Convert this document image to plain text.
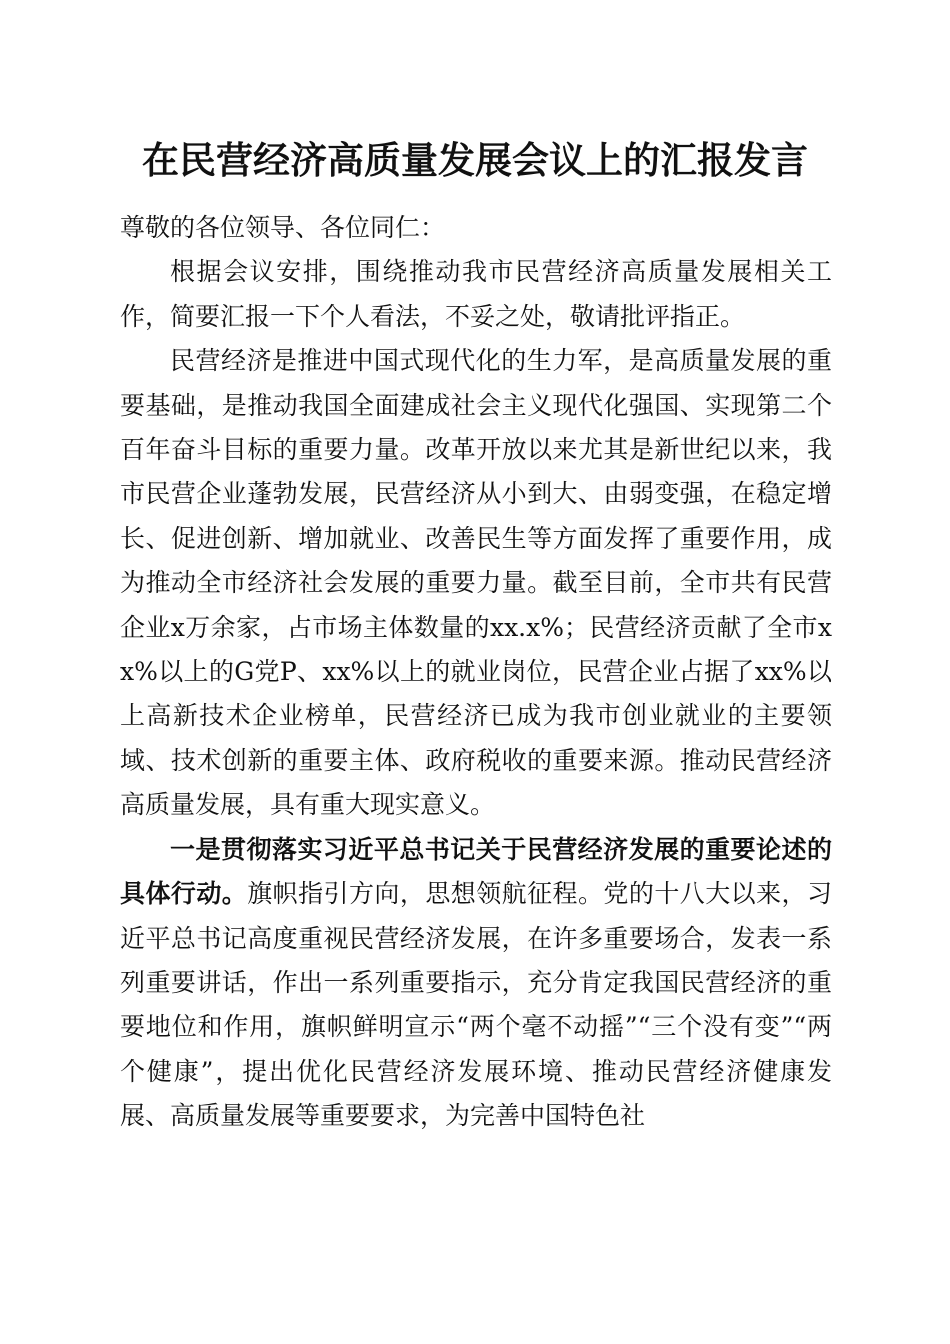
在民营经济高质量发展会议上的汇报发言

尊敬的各位领导、各位同仁：

根据会议安排，围绕推动我市民营经济高质量发展相关工作，简要汇报一下个人看法，不妥之处，敬请批评指正。

民营经济是推进中国式现代化的生力军，是高质量发展的重要基础，是推动我国全面建成社会主义现代化强国、实现第二个百年奋斗目标的重要力量。改革开放以来尤其是新世纪以来，我市民营企业蓬勃发展，民营经济从小到大、由弱变强，在稳定增长、促进创新、增加就业、改善民生等方面发挥了重要作用，成为推动全市经济社会发展的重要力量。截至目前，全市共有民营企业x万余家，占市场主体数量的xx.x%；民营经济贡献了全市xx%以上的G党P、xx%以上的就业岗位，民营企业占据了xx%以上高新技术企业榜单，民营经济已成为我市创业就业的主要领域、技术创新的重要主体、政府税收的重要来源。推动民营经济高质量发展，具有重大现实意义。

一是贯彻落实习近平总书记关于民营经济发展的重要论述的具体行动。旗帜指引方向，思想领航征程。党的十八大以来，习近平总书记高度重视民营经济发展，在许多重要场合，发表一系列重要讲话，作出一系列重要指示，充分肯定我国民营经济的重要地位和作用，旗帜鲜明宣示“两个毫不动摇”“三个没有变”“两个健康”，提出优化民营经济发展环境、推动民营经济健康发展、高质量发展等重要要求，为完善中国特色社
